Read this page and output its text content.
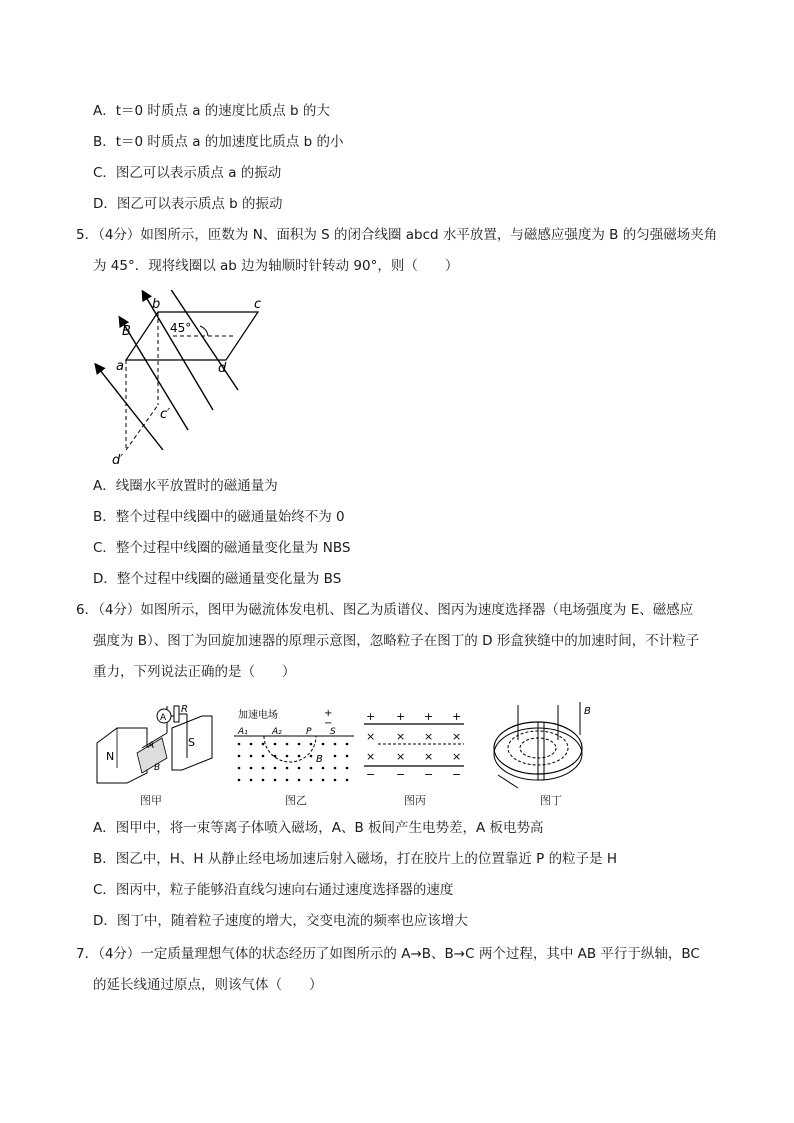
A．t＝0 时质点 a 的速度比质点 b 的大
B．t＝0 时质点 a 的加速度比质点 b 的小
C．图乙可以表示质点 a 的振动
D．图乙可以表示质点 b 的振动
5．（4分）如图所示，匝数为 N、面积为 S 的闭合线圈 abcd 水平放置，与磁感应强度为 B 的匀强磁场夹角
为 45°．现将线圈以 ab 边为轴顺时针转动 90°，则（　　）
b	c
B	45°
a	d
c′
d′
A．线圈水平放置时的磁通量为
B．整个过程中线圈中的磁通量始终不为 0
C．整个过程中线圈的磁通量变化量为 NBS
D．整个过程中线圈的磁通量变化量为 BS
6．（4分）如图所示，图甲为磁流体发电机、图乙为质谱仪、图丙为速度选择器（电场强度为 E、磁感应
强度为 B）、图丁为回旋加速器的原理示意图，忽略粒子在图丁的 D 形盒狭缝中的加速时间，不计粒子
重力，下列说法正确的是（　　）
A
R
N
S
A
B
图甲
加速电场	+
−
A₁	A₂	P S
B
图乙
+ + + +
× × × ×
× × × ×
− − − −
图丙
B
图丁
A．图甲中，将一束等离子体喷入磁场，A、B 板间产生电势差，A 板电势高
B．图乙中，H、H 从静止经电场加速后射入磁场，打在胶片上的位置靠近 P 的粒子是 H
C．图丙中，粒子能够沿直线匀速向右通过速度选择器的速度
D．图丁中，随着粒子速度的增大，交变电流的频率也应该增大
7．（4分）一定质量理想气体的状态经历了如图所示的 A→B、B→C 两个过程，其中 AB 平行于纵轴，BC
的延长线通过原点，则该气体（　　）
